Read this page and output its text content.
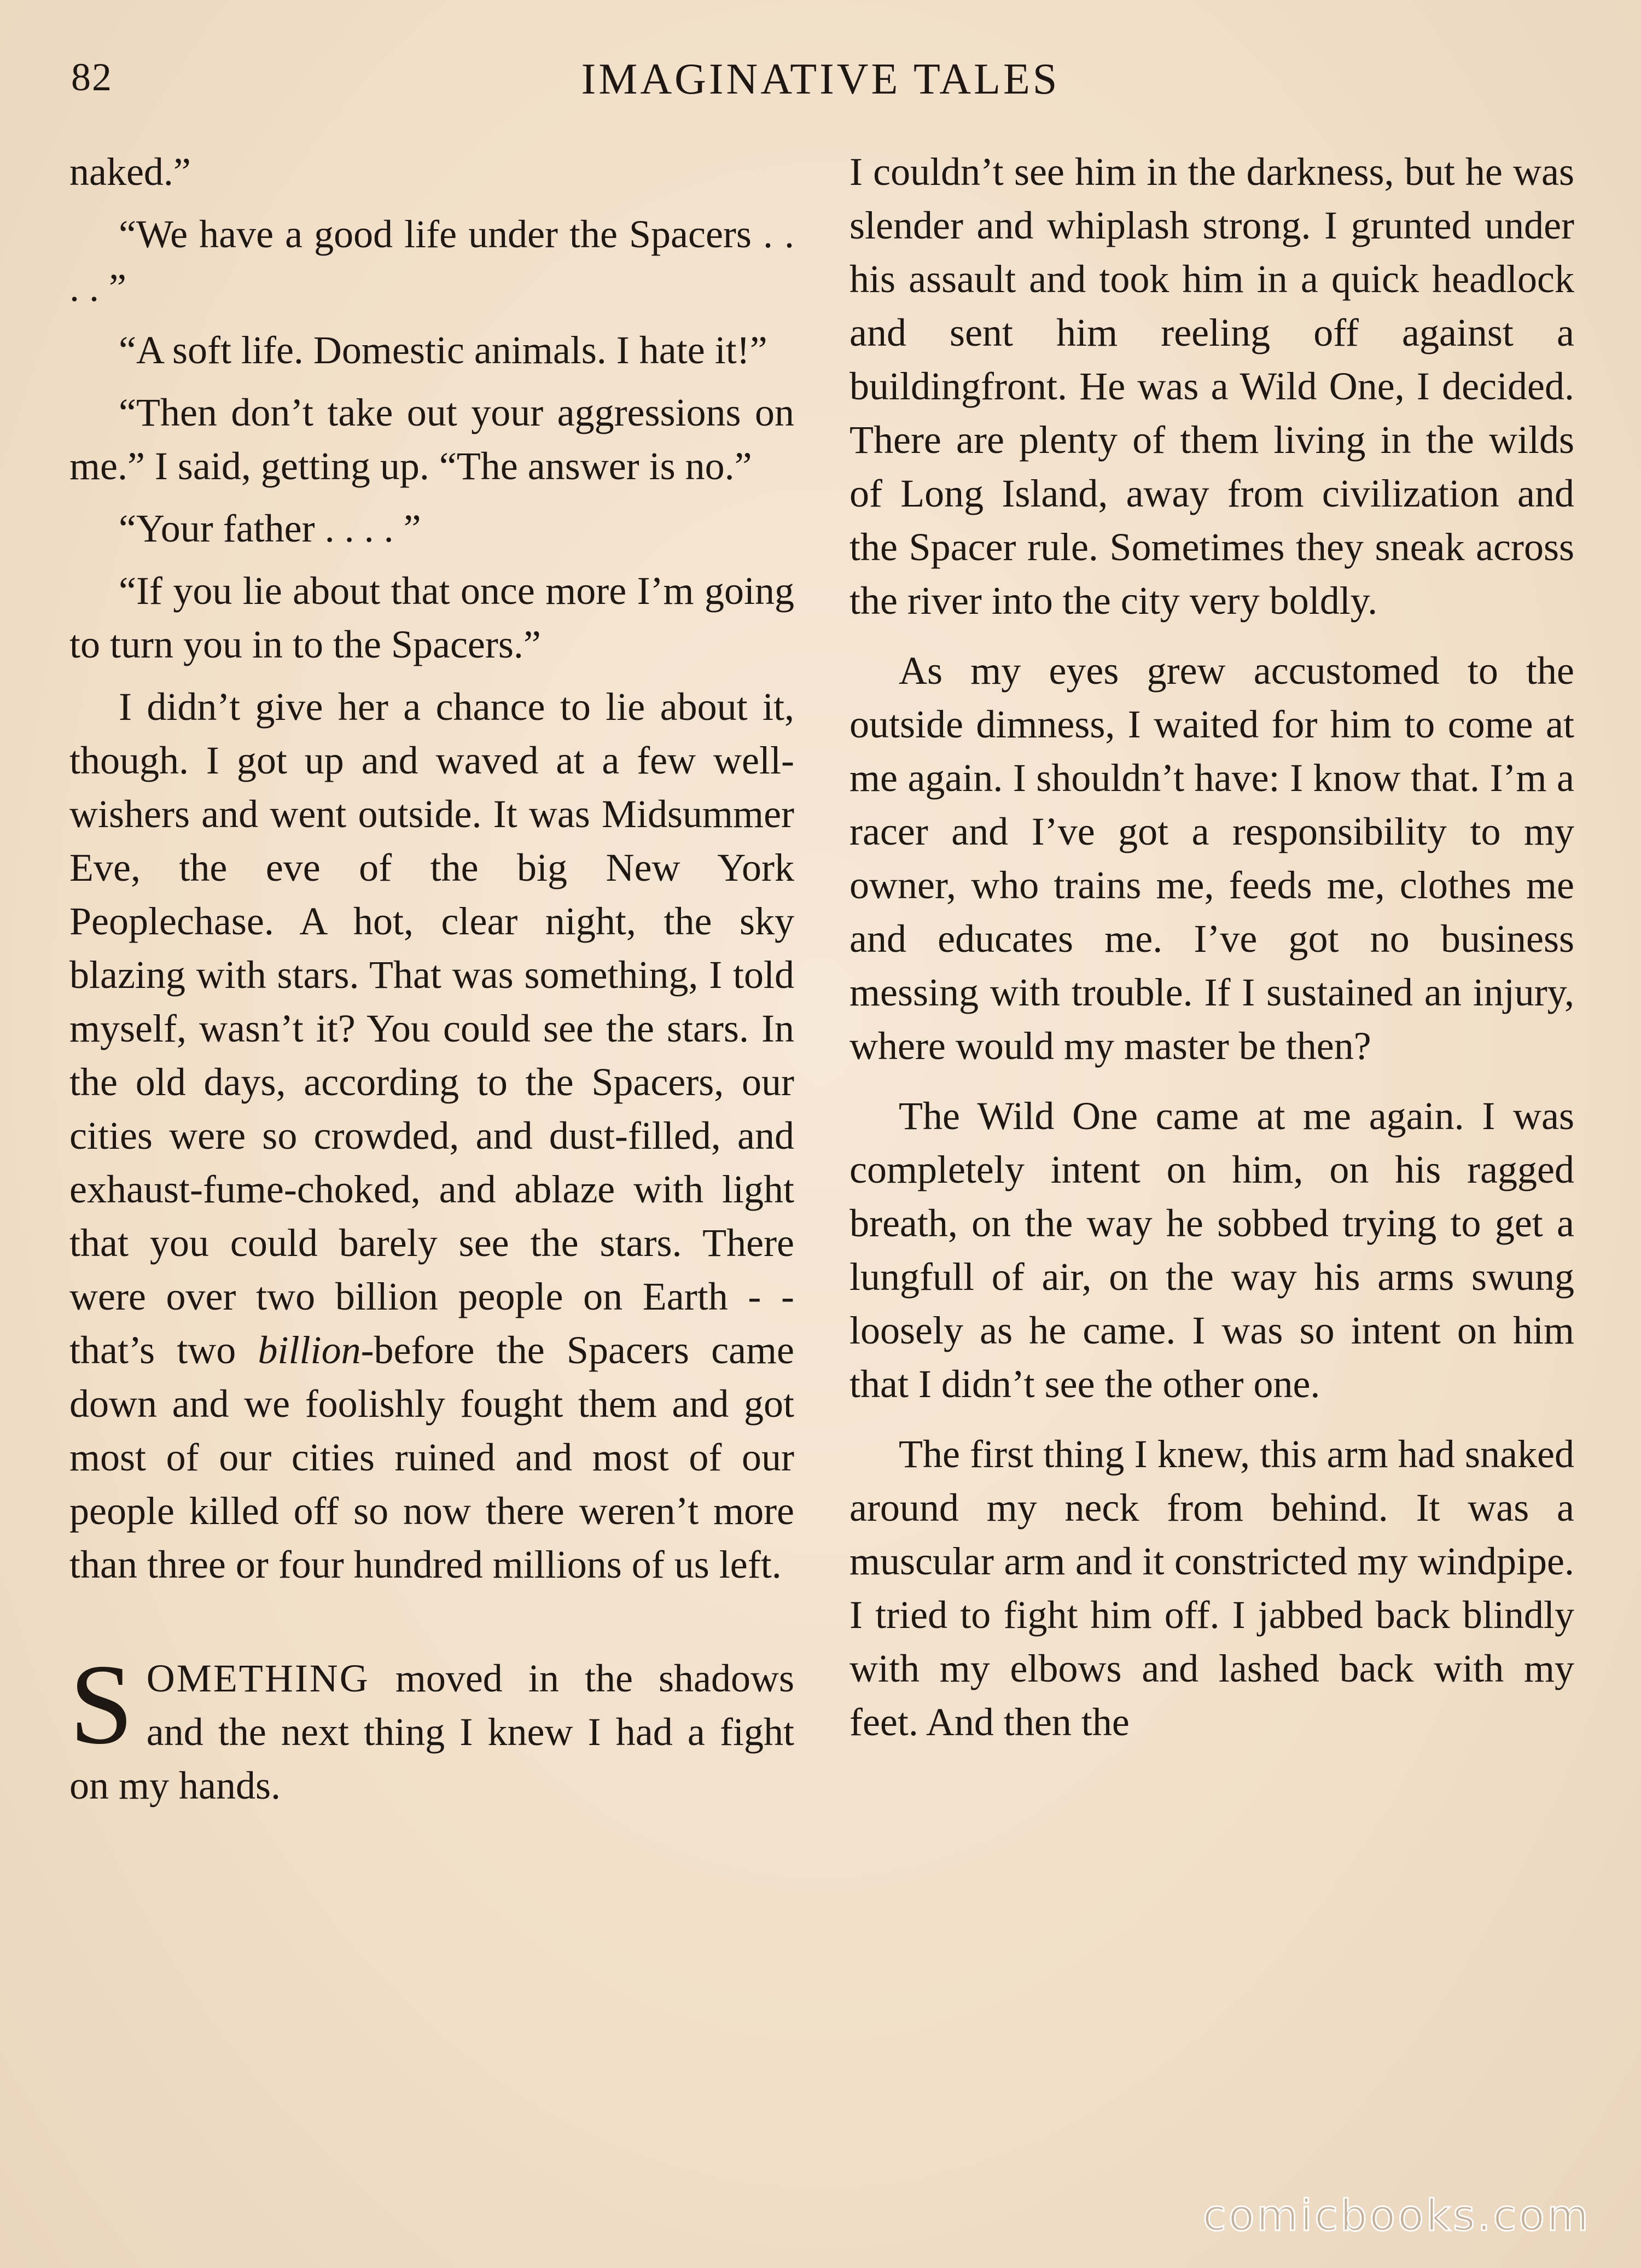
82	IMAGINATIVE TALES

naked.”

“We have a good life under the Spacers . . . . ”

“A soft life. Domestic animals. I hate it!”

“Then don’t take out your aggressions on me.” I said, getting up. “The answer is no.”

“Your father . . . . ”

“If you lie about that once more I’m going to turn you in to the Spacers.”

I didn’t give her a chance to lie about it, though. I got up and waved at a few well-wishers and went outside. It was Midsummer Eve, the eve of the big New York Peoplechase. A hot, clear night, the sky blazing with stars. That was something, I told myself, wasn’t it? You could see the stars. In the old days, according to the Spacers, our cities were so crowded, and dust-filled, and exhaust-fume-choked, and ablaze with light that you could barely see the stars. There were over two billion people on Earth - - that’s two billion-before the Spacers came down and we foolishly fought them and got most of our cities ruined and most of our people killed off so now there weren’t more than three or four hundred millions of us left.

SOMETHING moved in the shadows and the next thing I knew I had a fight on my hands.

I couldn’t see him in the darkness, but he was slender and whiplash strong. I grunted under his assault and took him in a quick headlock and sent him reeling off against a buildingfront. He was a Wild One, I decided. There are plenty of them living in the wilds of Long Island, away from civilization and the Spacer rule. Sometimes they sneak across the river into the city very boldly.

As my eyes grew accustomed to the outside dimness, I waited for him to come at me again. I shouldn’t have: I know that. I’m a racer and I’ve got a responsibility to my owner, who trains me, feeds me, clothes me and educates me. I’ve got no business messing with trouble. If I sustained an injury, where would my master be then?

The Wild One came at me again. I was completely intent on him, on his ragged breath, on the way he sobbed trying to get a lungfull of air, on the way his arms swung loosely as he came. I was so intent on him that I didn’t see the other one.

The first thing I knew, this arm had snaked around my neck from behind. It was a muscular arm and it constricted my windpipe. I tried to fight him off. I jabbed back blindly with my elbows and lashed back with my feet. And then the

comicbooks.com
